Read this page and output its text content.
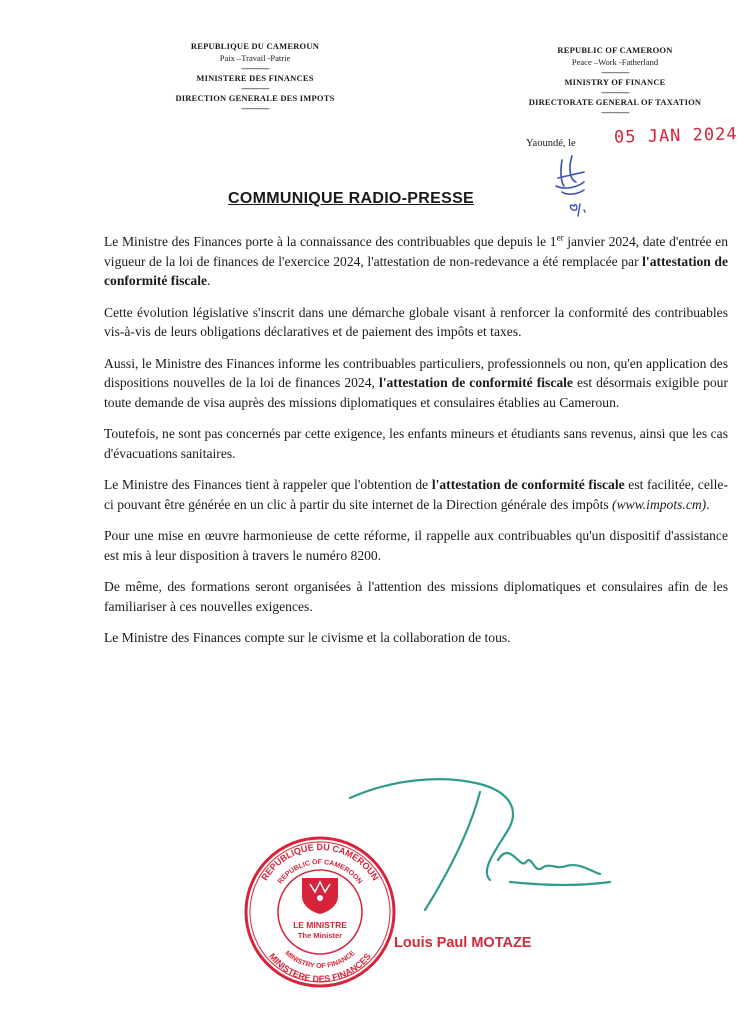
REPUBLIQUE DU CAMEROUN
Paix –Travail -Patrie
---------------
MINISTERE DES FINANCES
---------------
DIRECTION GENERALE DES IMPOTS
---------------
REPUBLIC OF CAMEROON
Peace –Work -Fatherland
---------------
MINISTRY OF FINANCE
---------------
DIRECTORATE GENERAL OF TAXATION
---------------
Yaoundé, le 05 JAN 2024
COMMUNIQUE RADIO-PRESSE

Le Ministre des Finances porte à la connaissance des contribuables que depuis le 1er janvier 2024, date d'entrée en vigueur de la loi de finances de l'exercice 2024, l'attestation de non-redevance a été remplacée par l'attestation de conformité fiscale.

Cette évolution législative s'inscrit dans une démarche globale visant à renforcer la conformité des contribuables vis-à-vis de leurs obligations déclaratives et de paiement des impôts et taxes.

Aussi, le Ministre des Finances informe les contribuables particuliers, professionnels ou non, qu'en application des dispositions nouvelles de la loi de finances 2024, l'attestation de conformité fiscale est désormais exigible pour toute demande de visa auprès des missions diplomatiques et consulaires établies au Cameroun.

Toutefois, ne sont pas concernés par cette exigence, les enfants mineurs et étudiants sans revenus, ainsi que les cas d'évacuations sanitaires.

Le Ministre des Finances tient à rappeler que l'obtention de l'attestation de conformité fiscale est facilitée, celle-ci pouvant être générée en un clic à partir du site internet de la Direction générale des impôts (www.impots.cm).

Pour une mise en œuvre harmonieuse de cette réforme, il rappelle aux contribuables qu'un dispositif d'assistance est mis à leur disposition à travers le numéro 8200.

De même, des formations seront organisées à l'attention des missions diplomatiques et consulaires afin de les familiariser à ces nouvelles exigences.

Le Ministre des Finances compte sur le civisme et la collaboration de tous.

REPUBLIQUE DU CAMEROUN
REPUBLIC OF CAMEROON
MINISTERE DES FINANCES
MINISTRY OF FINANCE
LE MINISTRE
The Minister	Louis Paul MOTAZE
